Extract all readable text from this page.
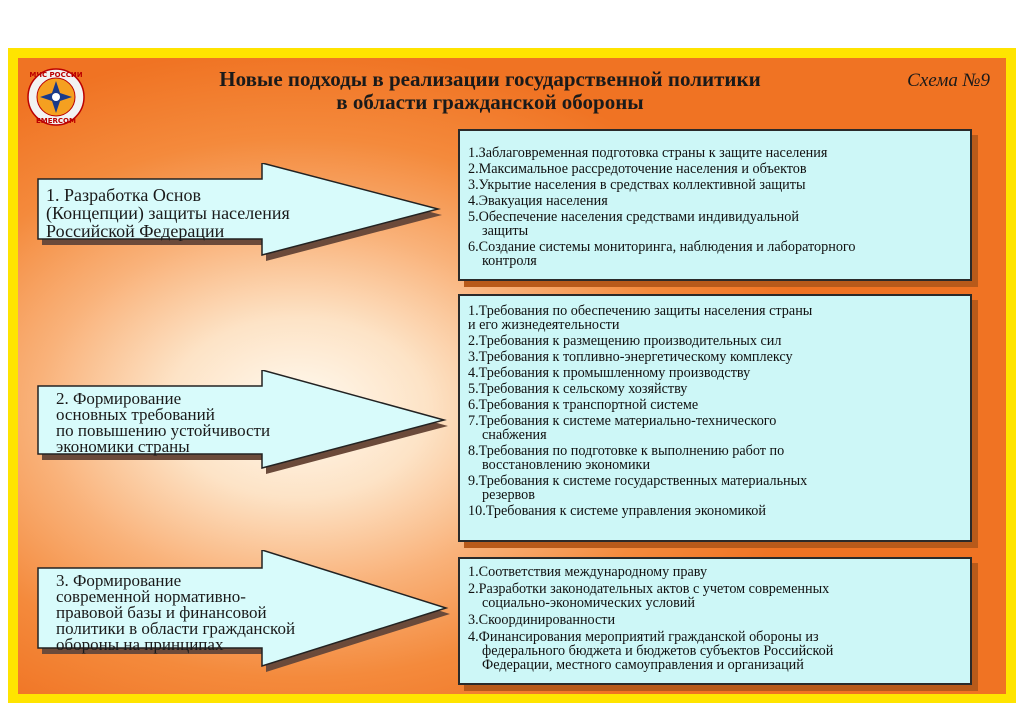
МЧС РОССИИ
EMERCOM
Новые подходы в реализации государственной политики
в области гражданской обороны
Схема №9
1. Разработка Основ
(Концепции) защиты населения
Российской Федерации
2. Формирование
основных требований
по повышению устойчивости
экономики страны
3. Формирование
современной нормативно-
правовой базы и финансовой
политики в области гражданской
обороны на принципах
1.Заблаговременная подготовка страны к защите населения
2.Максимальное рассредоточение населения и объектов
3.Укрытие населения в средствах коллективной защиты
4.Эвакуация населения
5.Обеспечение населения средствами индивидуальной
защиты
6.Создание системы мониторинга, наблюдения и лабораторного
контроля
1.Требования по обеспечению защиты населения страны
и его жизнедеятельности
2.Требования к размещению производительных сил
3.Требования к топливно-энергетическому комплексу
4.Требования к промышленному производству
5.Требования к сельскому хозяйству
6.Требования к транспортной системе
7.Требования к системе материально-технического
снабжения
8.Требования по подготовке к выполнению работ по
восстановлению экономики
9.Требования к системе государственных материальных
резервов
10.Требования к системе управления экономикой
1.Соответствия международному праву
2.Разработки законодательных актов с учетом современных
социально-экономических условий
3.Скоординированности
4.Финансирования мероприятий гражданской обороны из
федерального бюджета и бюджетов субъектов Российской
Федерации, местного самоуправления и организаций
